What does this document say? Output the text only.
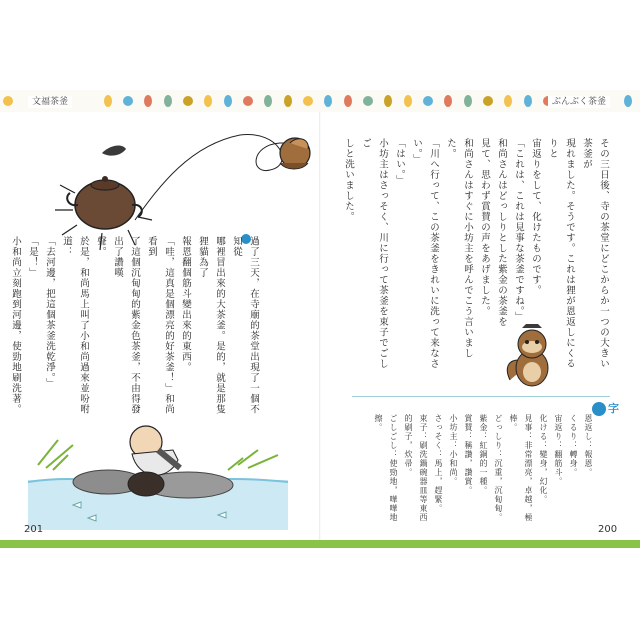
文福茶釜	ぶんぶく茶釜
過了三天，在寺廟的茶堂出現了一個不知從
哪裡冒出來的大茶釜。是的，就是那隻狸貓為了
報恩翻個筋斗變出來的東西。
「哇，這真是個漂亮的好茶釜！」和尚看到
了這個沉甸甸的紫金色茶釜，不由得發出了讚嘆
聲。
於是，和尚馬上叫了小和尚過來並吩咐道：
「去河邊，把這個茶釜洗乾淨。」
「是！」
小和尚立刻跑到河邊，使勁地刷洗著。	その三日後、寺の茶堂にどこからか一つの大きい茶釜が
現れました。そうです。これは狸が恩返しにくるりと
宙返りをして、化けたものです。
「これは、これは見事な茶釜ですね。」
和尚さんはどっしりとした紫金の茶釜を
見て、思わず賞賛の声をあげました。
和尚さんはすぐに小坊主を呼んでこう言いました。
「川へ行って、この茶釜をきれいに洗って来なさい。」
「はい。」
小坊主はさっそく、川に行って茶釜を束子でごしご
しと洗いました。
字
恩返し：報恩。
くるり：轉身。
宙返り：翻筋斗。
化ける：變身，幻化。
見事：非常漂亮，卓越，極棒。
どっしり：沉重，沉甸甸。
紫金：紅銅的一種。
賞賛：稱讚，讚賞。
小坊主：小和尚。
さっそく：馬上，趕緊。
束子：刷洗鍋碗器皿等東西的刷子，炊帚。
ごしごし：使勁地，嘩嘩地擦。
201	200
